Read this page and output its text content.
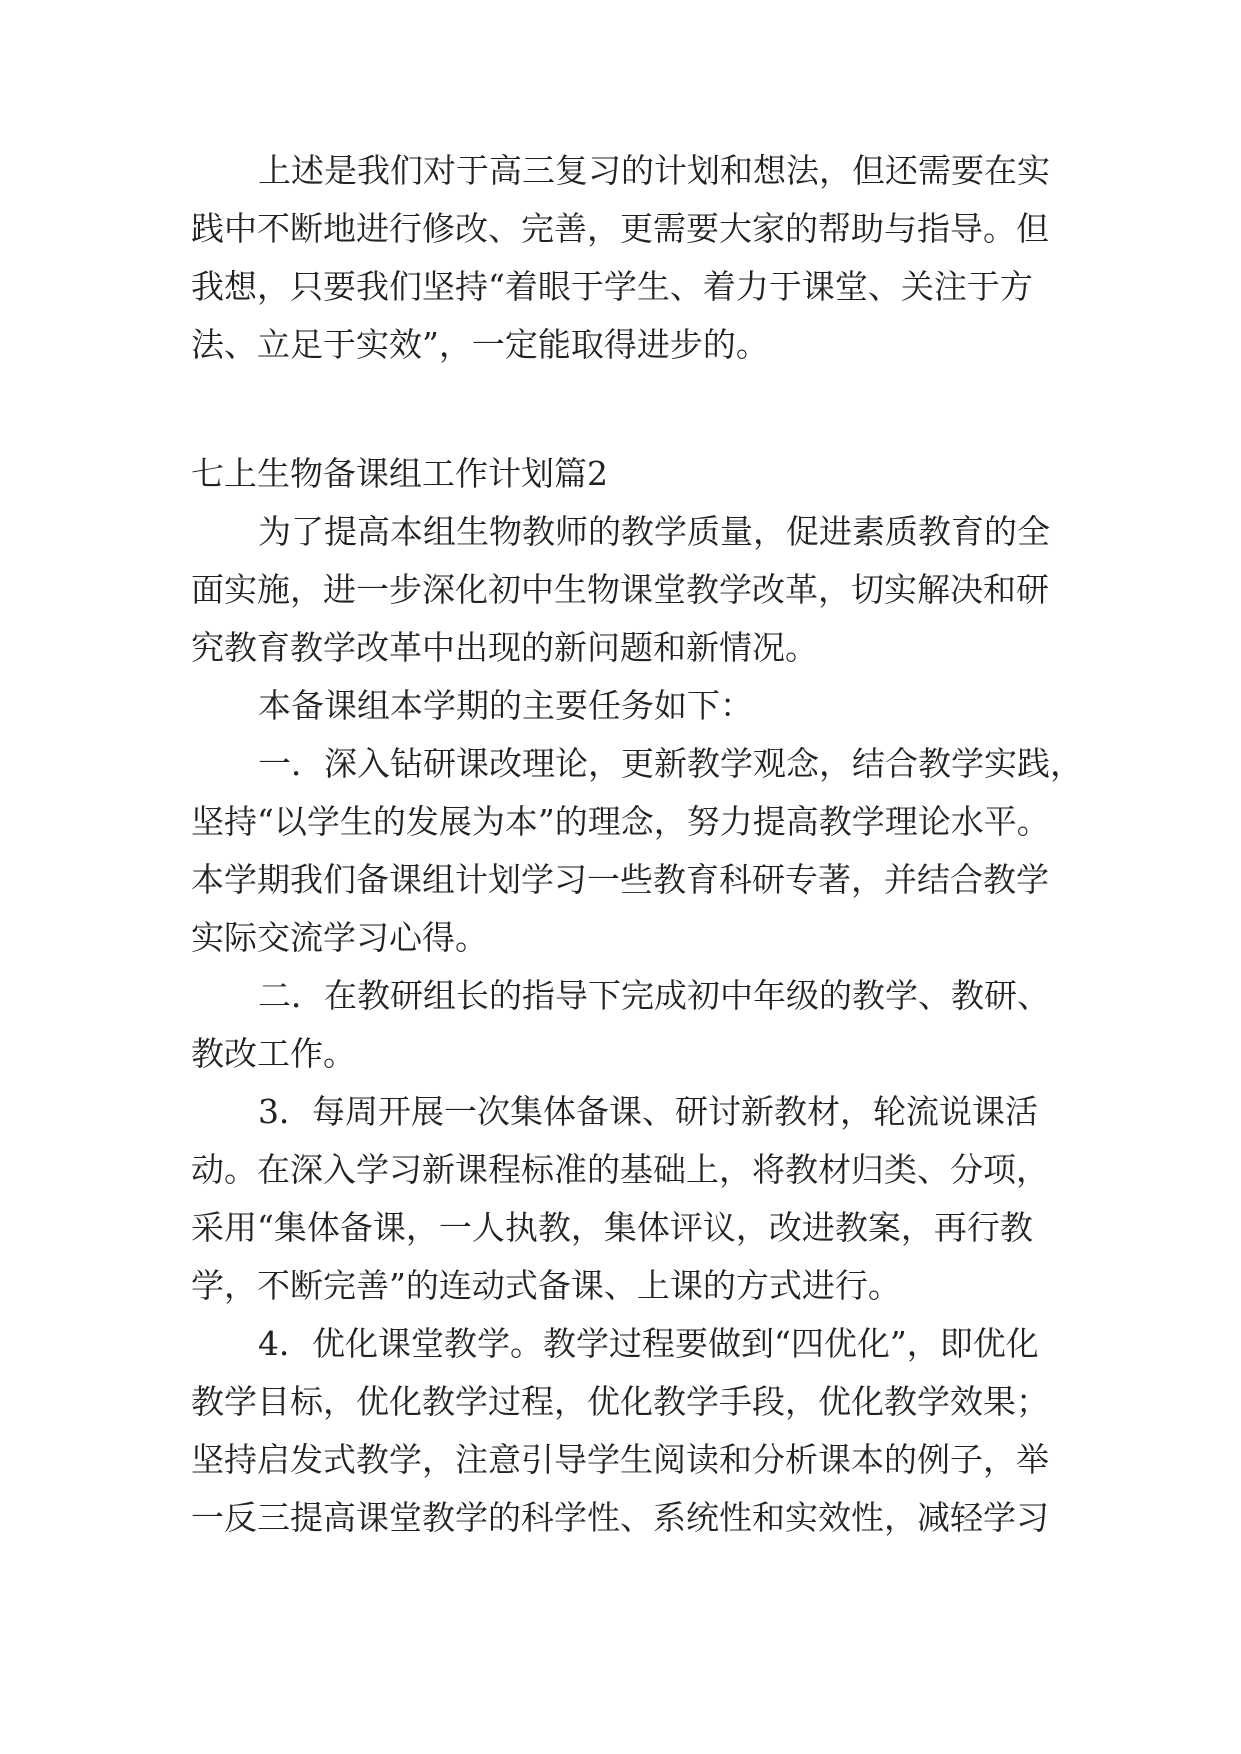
上述是我们对于高三复习的计划和想法，但还需要在实
践中不断地进行修改、完善，更需要大家的帮助与指导。但
我想，只要我们坚持“着眼于学生、着力于课堂、关注于方
法、立足于实效”，一定能取得进步的。
七上生物备课组工作计划篇2
为了提高本组生物教师的教学质量，促进素质教育的全
面实施，进一步深化初中生物课堂教学改革，切实解决和研
究教育教学改革中出现的新问题和新情况。
本备课组本学期的主要任务如下：
一．深入钻研课改理论，更新教学观念，结合教学实践，
坚持“以学生的发展为本”的理念，努力提高教学理论水平。
本学期我们备课组计划学习一些教育科研专著，并结合教学
实际交流学习心得。
二．在教研组长的指导下完成初中年级的教学、教研、
教改工作。
3．每周开展一次集体备课、研讨新教材，轮流说课活
动。在深入学习新课程标准的基础上，将教材归类、分项，
采用“集体备课，一人执教，集体评议，改进教案，再行教
学，不断完善”的连动式备课、上课的方式进行。
4．优化课堂教学。教学过程要做到“四优化”，即优化
教学目标，优化教学过程，优化教学手段，优化教学效果；
坚持启发式教学，注意引导学生阅读和分析课本的例子，举
一反三提高课堂教学的科学性、系统性和实效性，减轻学习
